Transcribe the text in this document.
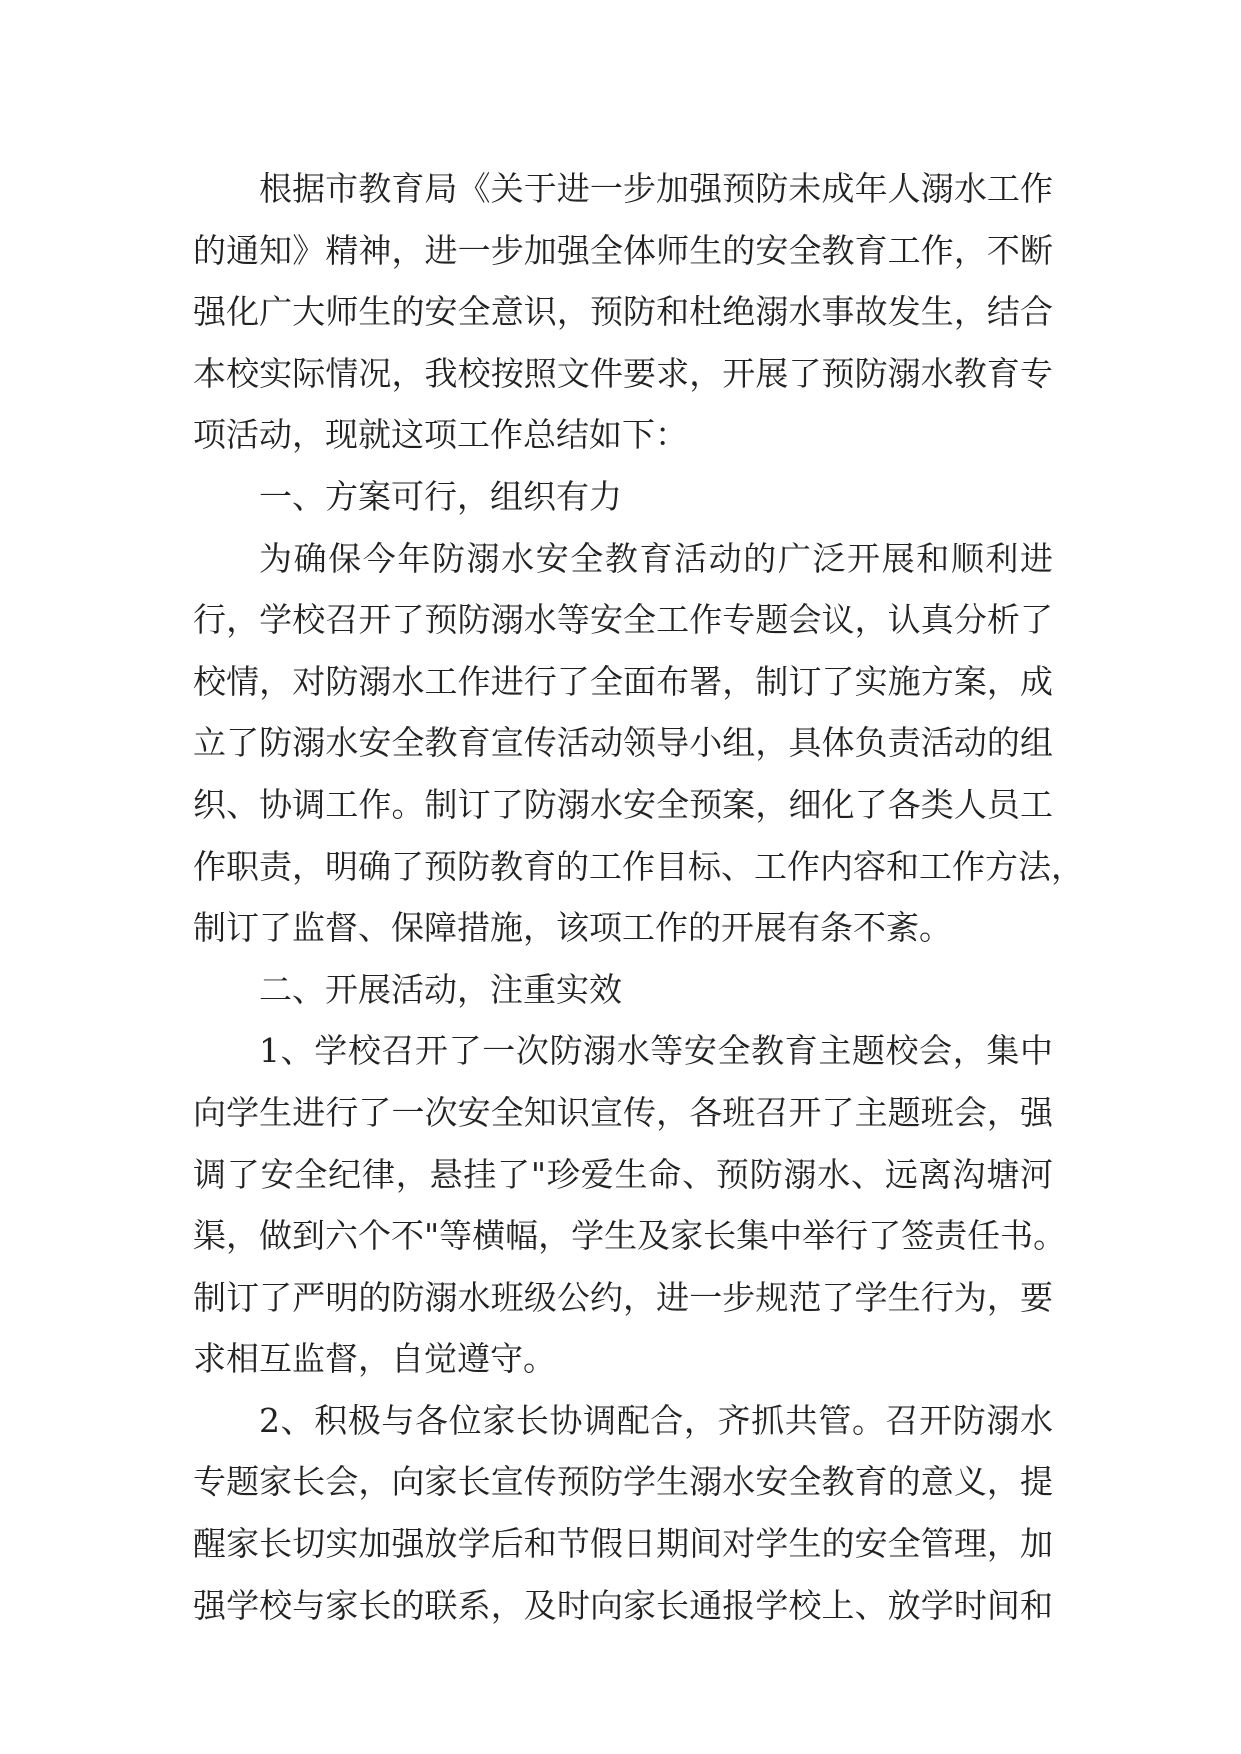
根据市教育局《关于进一步加强预防未成年人溺水工作
的通知》精神，进一步加强全体师生的安全教育工作，不断
强化广大师生的安全意识，预防和杜绝溺水事故发生，结合
本校实际情况，我校按照文件要求，开展了预防溺水教育专
项活动，现就这项工作总结如下：
一、方案可行，组织有力
为确保今年防溺水安全教育活动的广泛开展和顺利进
行，学校召开了预防溺水等安全工作专题会议，认真分析了
校情，对防溺水工作进行了全面布署，制订了实施方案，成
立了防溺水安全教育宣传活动领导小组，具体负责活动的组
织、协调工作。制订了防溺水安全预案，细化了各类人员工
作职责，明确了预防教育的工作目标、工作内容和工作方法，
制订了监督、保障措施，该项工作的开展有条不紊。
二、开展活动，注重实效
1、学校召开了一次防溺水等安全教育主题校会，集中
向学生进行了一次安全知识宣传，各班召开了主题班会，强
调了安全纪律，悬挂了"珍爱生命、预防溺水、远离沟塘河
渠，做到六个不"等横幅，学生及家长集中举行了签责任书。
制订了严明的防溺水班级公约，进一步规范了学生行为，要
求相互监督，自觉遵守。
2、积极与各位家长协调配合，齐抓共管。召开防溺水
专题家长会，向家长宣传预防学生溺水安全教育的意义，提
醒家长切实加强放学后和节假日期间对学生的安全管理，加
强学校与家长的联系，及时向家长通报学校上、放学时间和
